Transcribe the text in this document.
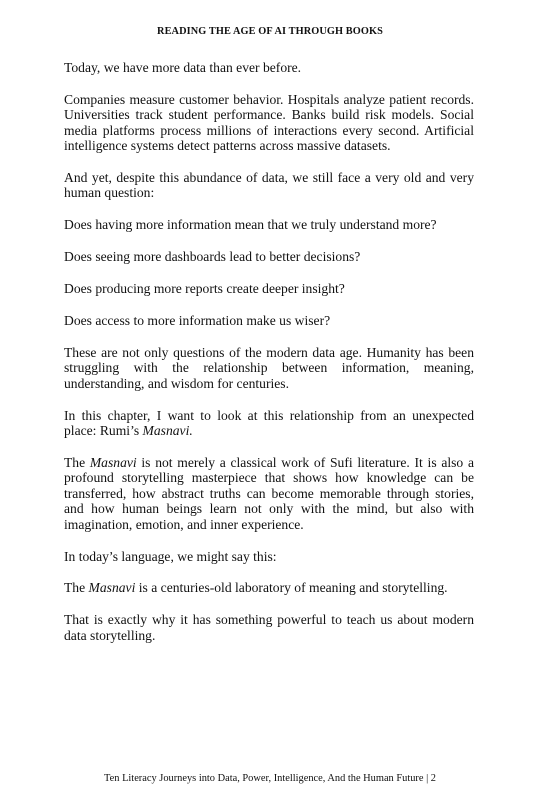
READING THE AGE OF AI THROUGH BOOKS

Today, we have more data than ever before.

Companies measure customer behavior. Hospitals analyze patient records. Universities track student performance. Banks build risk models. Social media platforms process millions of interactions every second. Artificial intelligence systems detect patterns across massive datasets.

And yet, despite this abundance of data, we still face a very old and very human question:

Does having more information mean that we truly understand more?

Does seeing more dashboards lead to better decisions?

Does producing more reports create deeper insight?

Does access to more information make us wiser?

These are not only questions of the modern data age. Humanity has been struggling with the relationship between information, meaning, understanding, and wisdom for centuries.

In this chapter, I want to look at this relationship from an unexpected place: Rumi’s Masnavi.

The Masnavi is not merely a classical work of Sufi literature. It is also a profound storytelling masterpiece that shows how knowledge can be transferred, how abstract truths can become memorable through stories, and how human beings learn not only with the mind, but also with imagination, emotion, and inner experience.

In today’s language, we might say this:

The Masnavi is a centuries-old laboratory of meaning and storytelling.

That is exactly why it has something powerful to teach us about modern data storytelling.

Ten Literacy Journeys into Data, Power, Intelligence, And the Human Future | 2
